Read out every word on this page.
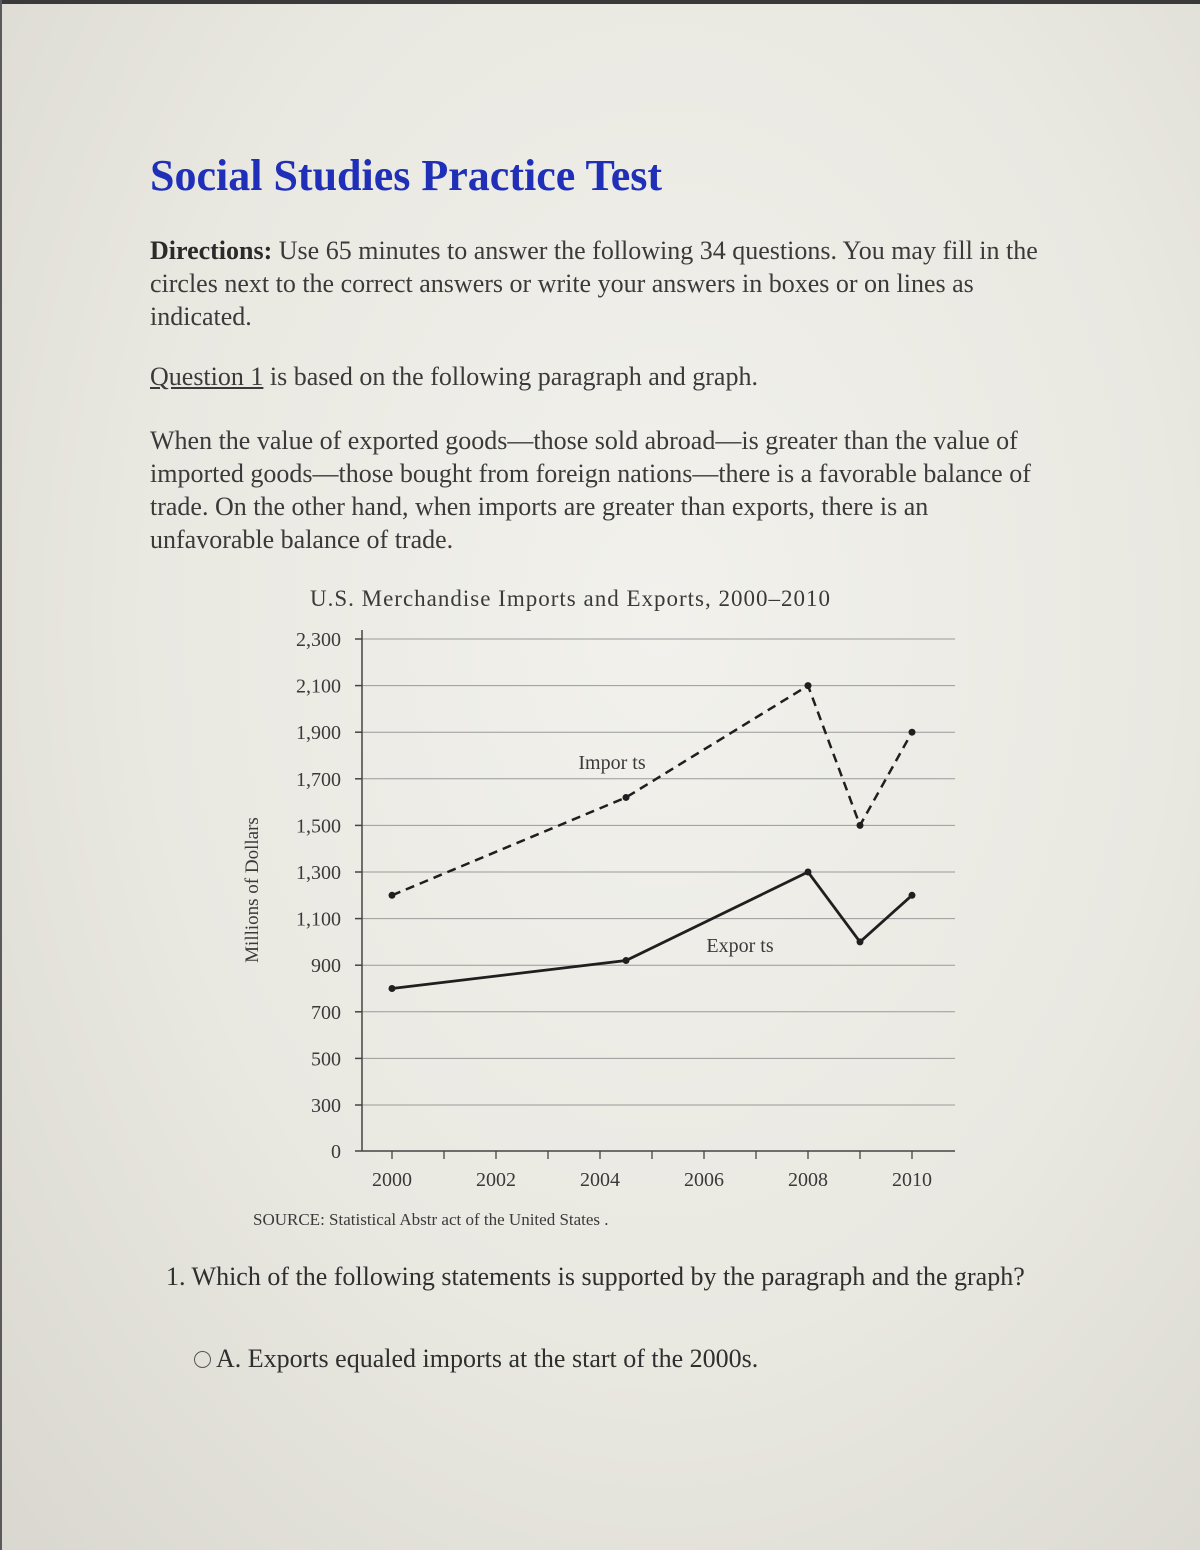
Social Studies Practice Test

Directions: Use 65 minutes to answer the following 34 questions. You may fill in the circles next to the correct answers or write your answers in boxes or on lines as indicated.

Question 1 is based on the following paragraph and graph.

When the value of exported goods—those sold abroad—is greater than the value of imported goods—those bought from foreign nations—there is a favorable balance of trade. On the other hand, when imports are greater than exports, there is an unfavorable balance of trade.

U.S. Merchandise Imports and Exports, 2000–2010

0
300
500
700
900
1,100
1,300
1,500
1,700
1,900
2,100
2,300
2000	2002	2004	2006	2008	2010
Millions of Dollars
Impor ts
Expor ts

SOURCE: Statistical Abstr act of the United States .

1. Which of the following statements is supported by the paragraph and the graph?
A. Exports equaled imports at the start of the 2000s.
